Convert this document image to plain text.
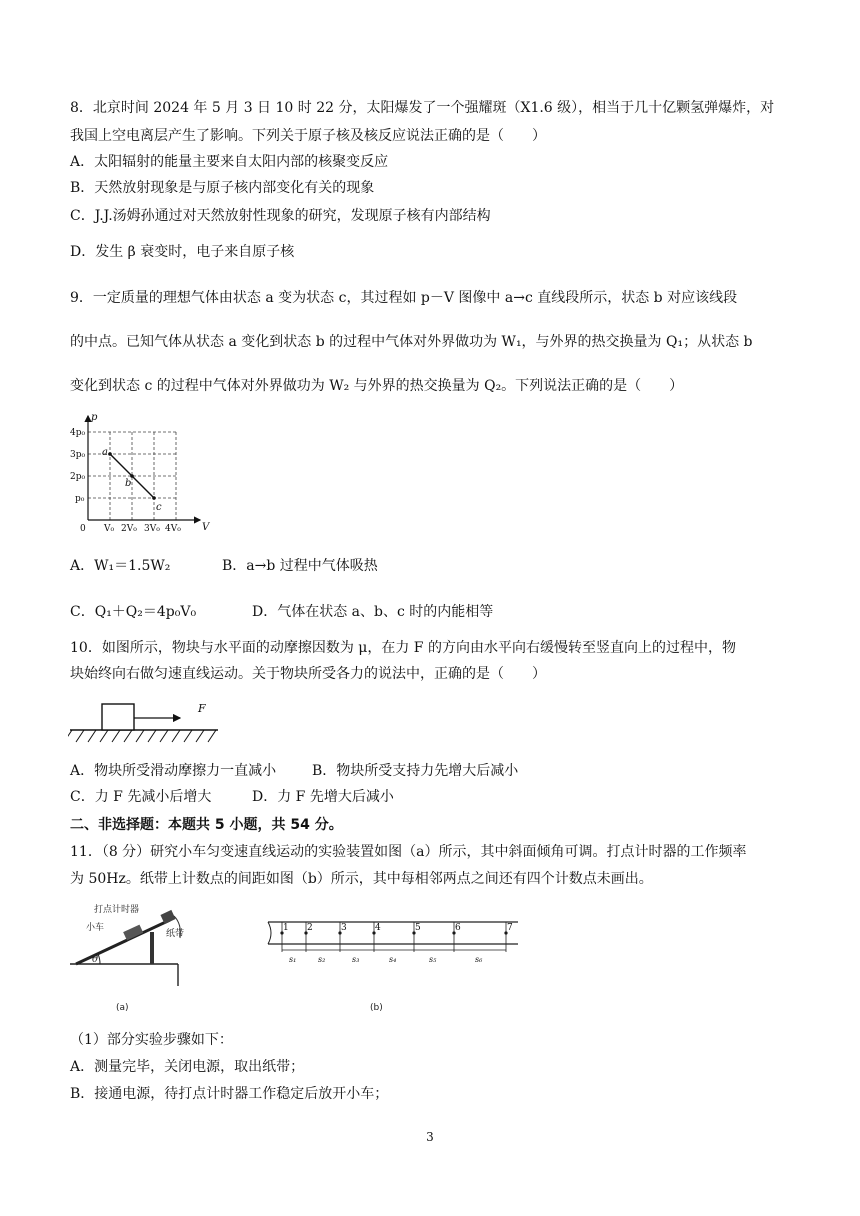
8．北京时间 2024 年 5 月 3 日 10 时 22 分，太阳爆发了一个强耀斑（X1.6 级），相当于几十亿颗氢弹爆炸，对
我国上空电离层产生了影响。下列关于原子核及核反应说法正确的是（　　）
A．太阳辐射的能量主要来自太阳内部的核聚变反应
B．天然放射现象是与原子核内部变化有关的现象
C．J.J.汤姆孙通过对天然放射性现象的研究，发现原子核有内部结构
D．发生 β 衰变时，电子来自原子核
9．一定质量的理想气体由状态 a 变为状态 c，其过程如 p－V 图像中 a→c 直线段所示，状态 b 对应该线段
的中点。已知气体从状态 a 变化到状态 b 的过程中气体对外界做功为 W₁，与外界的热交换量为 Q₁；从状态 b
变化到状态 c 的过程中气体对外界做功为 W₂ 与外界的热交换量为 Q₂。下列说法正确的是（　　）
p
V
a
b
c
4p₀
3p₀
2p₀
p₀
0 V₀ 2V₀ 3V₀ 4V₀
A．W₁＝1.5W₂	B．a→b 过程中气体吸热
C．Q₁＋Q₂＝4p₀V₀	D．气体在状态 a、b、c 时的内能相等
10．如图所示，物块与水平面的动摩擦因数为 μ，在力 F 的方向由水平向右缓慢转至竖直向上的过程中，物
块始终向右做匀速直线运动。关于物块所受各力的说法中，正确的是（　　）
F
A．物块所受滑动摩擦力一直减小	B．物块所受支持力先增大后减小
C．力 F 先减小后增大	D．力 F 先增大后减小
二、非选择题：本题共 5 小题，共 54 分。
11．（8 分）研究小车匀变速直线运动的实验装置如图（a）所示，其中斜面倾角可调。打点计时器的工作频率
为 50Hz。纸带上计数点的间距如图（b）所示，其中每相邻两点之间还有四个计数点未画出。
打点计时器
小车
纸带
(a)
θ
1 2	3	4	5	6	7
s₁	s₂	s₃	s₄	s₅	s₆
(b)
（1）部分实验步骤如下：
A．测量完毕，关闭电源，取出纸带；
B．接通电源，待打点计时器工作稳定后放开小车；
3
